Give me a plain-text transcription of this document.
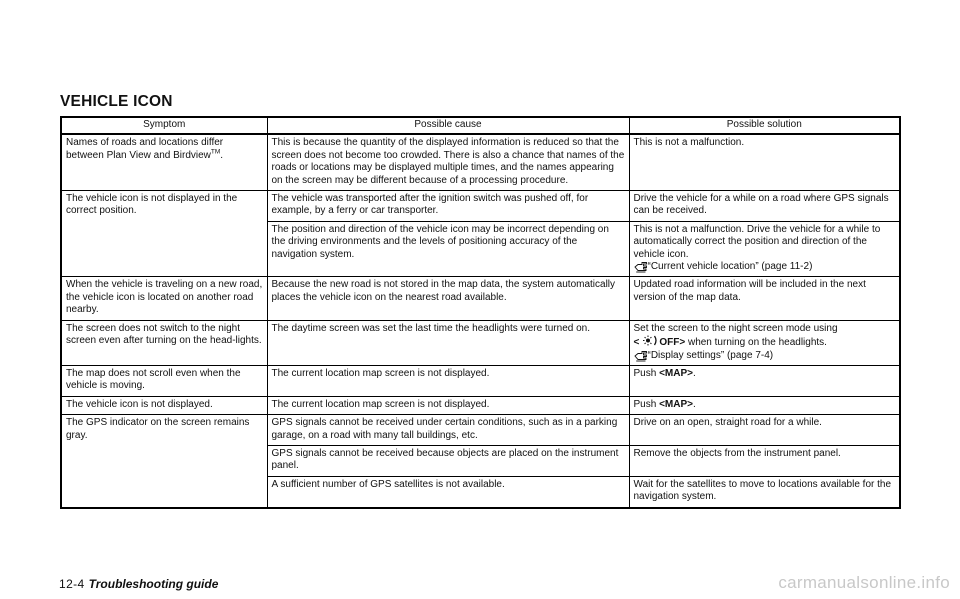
VEHICLE ICON
Symptom	Possible cause	Possible solution
Names of roads and locations differ between Plan View and Birdview™.	This is because the quantity of the displayed information is reduced so that the screen does not become too crowded. There is also a chance that names of the roads or locations may be displayed multiple times, and the names appearing on the screen may be different because of a processing procedure.	This is not a malfunction.
The vehicle icon is not displayed in the correct position.	The vehicle was transported after the ignition switch was pushed off, for example, by a ferry or car transporter.	Drive the vehicle for a while on a road where GPS signals can be received.
	The position and direction of the vehicle icon may be incorrect depending on the driving environments and the levels of positioning accuracy of the navigation system.	This is not a malfunction. Drive the vehicle for a while to automatically correct the position and direction of the vehicle icon.
“Current vehicle location” (page 11-2)

When the vehicle is traveling on a new road, the vehicle icon is located on another road nearby.	Because the new road is not stored in the map data, the system automatically places the vehicle icon on the nearest road available.	Updated road information will be included in the next version of the map data.
The screen does not switch to the night screen even after turning on the head-lights.	The daytime screen was set the last time the headlights were turned on.	Set the screen to the night screen mode using
< OFF> when turning on the headlights.
“Display settings” (page 7-4)

The map does not scroll even when the vehicle is moving.	The current location map screen is not displayed.	Push <MAP>.
The vehicle icon is not displayed.	The current location map screen is not displayed.	Push <MAP>.
The GPS indicator on the screen remains gray.	GPS signals cannot be received under certain conditions, such as in a parking garage, on a road with many tall buildings, etc.	Drive on an open, straight road for a while.
	GPS signals cannot be received because objects are placed on the instrument panel.	Remove the objects from the instrument panel.
	A sufficient number of GPS satellites is not available.	Wait for the satellites to move to locations available for the navigation system.
12-4 Troubleshooting guide	carmanualsonline.info
